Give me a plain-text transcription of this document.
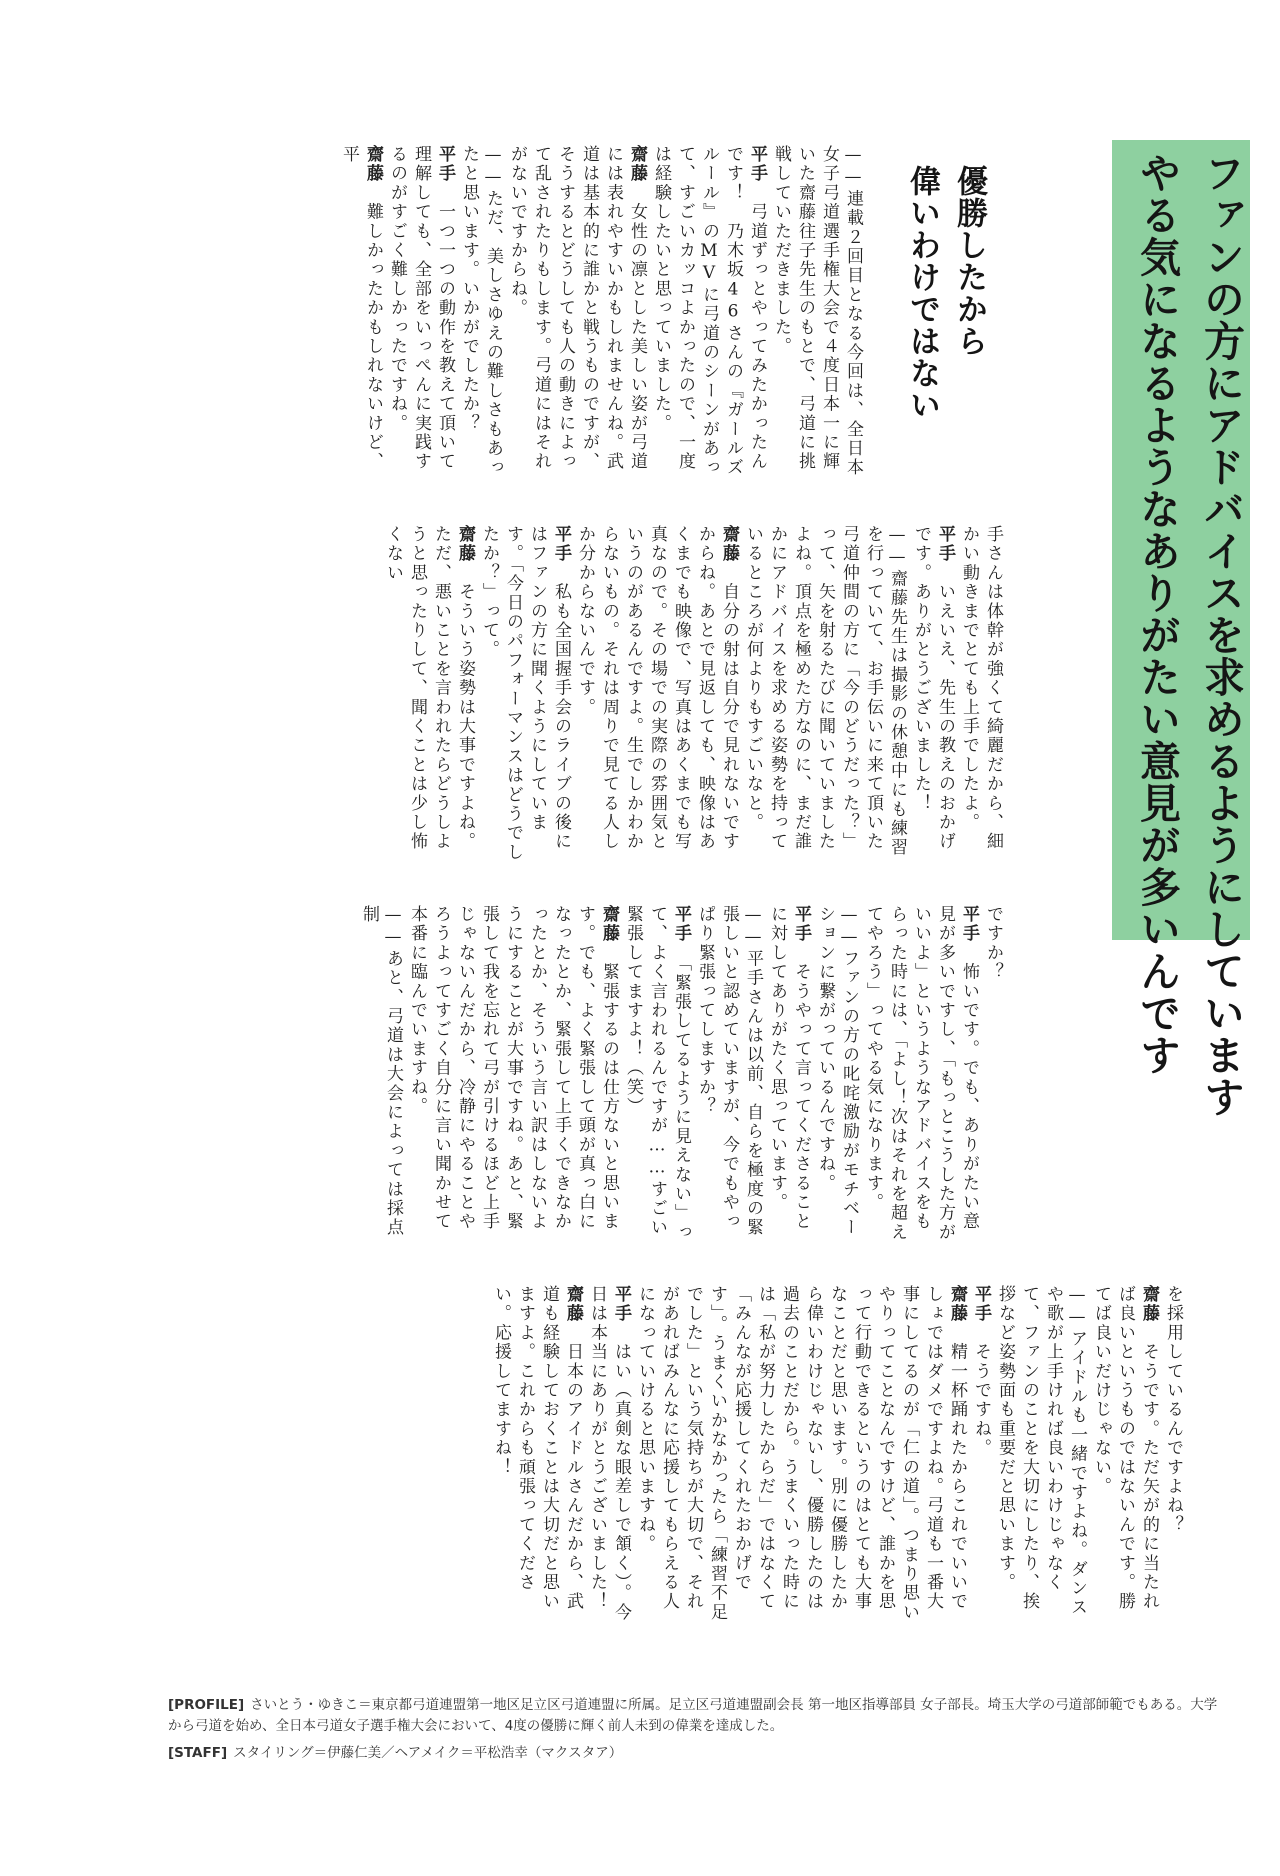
ファンの方にアドバイスを求めるようにしています
やる気になるようなありがたい意見が多いんです
優勝したから
偉いわけではない

——連載２回目となる今回は、全日本女子弓道選手権大会で４度日本一に輝いた齋藤往子先生のもとで、弓道に挑戦していただきました。

平手　弓道ずっとやってみたかったんです！　乃木坂46さんの『ガールズルール』のMVに弓道のシーンがあって、すごいカッコよかったので、一度は経験したいと思っていました。

齋藤　女性の凛とした美しい姿が弓道には表れやすいかもしれませんね。武道は基本的に誰かと戦うものですが、そうするとどうしても人の動きによって乱されたりもします。弓道にはそれがないですからね。

——ただ、美しさゆえの難しさもあったと思います。いかがでしたか？

平手　一つ一つの動作を教えて頂いて理解しても、全部をいっぺんに実践するのがすごく難しかったですね。

齋藤　難しかったかもしれないけど、平

手さんは体幹が強くて綺麗だから、細かい動きまでとても上手でしたよ。

平手　いえいえ、先生の教えのおかげです。ありがとうございました！

——齋藤先生は撮影の休憩中にも練習を行っていて、お手伝いに来て頂いた弓道仲間の方に「今のどうだった？」って、矢を射るたびに聞いていましたよね。頂点を極めた方なのに、まだ誰かにアドバイスを求める姿勢を持っているところが何よりもすごいなと。

齋藤　自分の射は自分で見れないですからね。あとで見返しても、映像はあくまでも映像で、写真はあくまでも写真なので。その場での実際の雰囲気というのがあるんですよ。生でしかわからないもの。それは周りで見てる人しか分からないんです。

平手　私も全国握手会のライブの後にはファンの方に聞くようにしています。「今日のパフォーマンスはどうでしたか？」って。

齋藤　そういう姿勢は大事ですよね。ただ、悪いことを言われたらどうしようと思ったりして、聞くことは少し怖くない

ですか？

平手　怖いです。でも、ありがたい意見が多いですし、「もっとこうした方がいいよ」というようなアドバイスをもらった時には、「よし！次はそれを超えてやろう」ってやる気になります。

——ファンの方の叱咤激励がモチベーションに繋がっているんですね。

平手　そうやって言ってくださることに対してありがたく思っています。

——平手さんは以前、自らを極度の緊張しいと認めていますが、今でもやっぱり緊張ってしますか？

平手　「緊張してるように見えない」って、よく言われるんですが……すごい緊張してますよ！（笑）

齋藤　緊張するのは仕方ないと思います。でも、よく緊張して頭が真っ白になったとか、緊張して上手くできなかったとか、そういう言い訳はしないようにすることが大事ですね。あと、緊張して我を忘れて弓が引けるほど上手じゃないんだから、冷静にやることやろうよってすごく自分に言い聞かせて本番に臨んでいますね。

——あと、弓道は大会によっては採点制

を採用しているんですよね？

齋藤　そうです。ただ矢が的に当たれば良いというものではないんです。勝てば良いだけじゃない。

——アイドルも一緒ですよね。ダンスや歌が上手ければ良いわけじゃなくて、ファンのことを大切にしたり、挨拶など姿勢面も重要だと思います。

平手　そうですね。

齋藤　精一杯踊れたからこれでいいでしょではダメですよね。弓道も一番大事にしてるのが「仁の道」。つまり思いやりってことなんですけど、誰かを思って行動できるというのはとても大事なことだと思います。別に優勝したから偉いわけじゃないし、優勝したのは過去のことだから。うまくいった時には「私が努力したからだ」ではなくて「みんなが応援してくれたおかげです」。うまくいかなかったら「練習不足でした」という気持ちが大切で、それがあればみんなに応援してもらえる人になっていけると思いますね。

平手　はい（真剣な眼差しで頷く）。今日は本当にありがとうございました！

齋藤　日本のアイドルさんだから、武道も経験しておくことは大切だと思いますよ。これからも頑張ってください。応援してますね！

[PROFILE] さいとう・ゆきこ＝東京都弓道連盟第一地区足立区弓道連盟に所属。足立区弓道連盟副会長 第一地区指導部員 女子部長。埼玉大学の弓道部師範でもある。大学から弓道を始め、全日本弓道女子選手権大会において、4度の優勝に輝く前人未到の偉業を達成した。

[STAFF] スタイリング＝伊藤仁美／ヘアメイク＝平松浩幸（マクスタア）
